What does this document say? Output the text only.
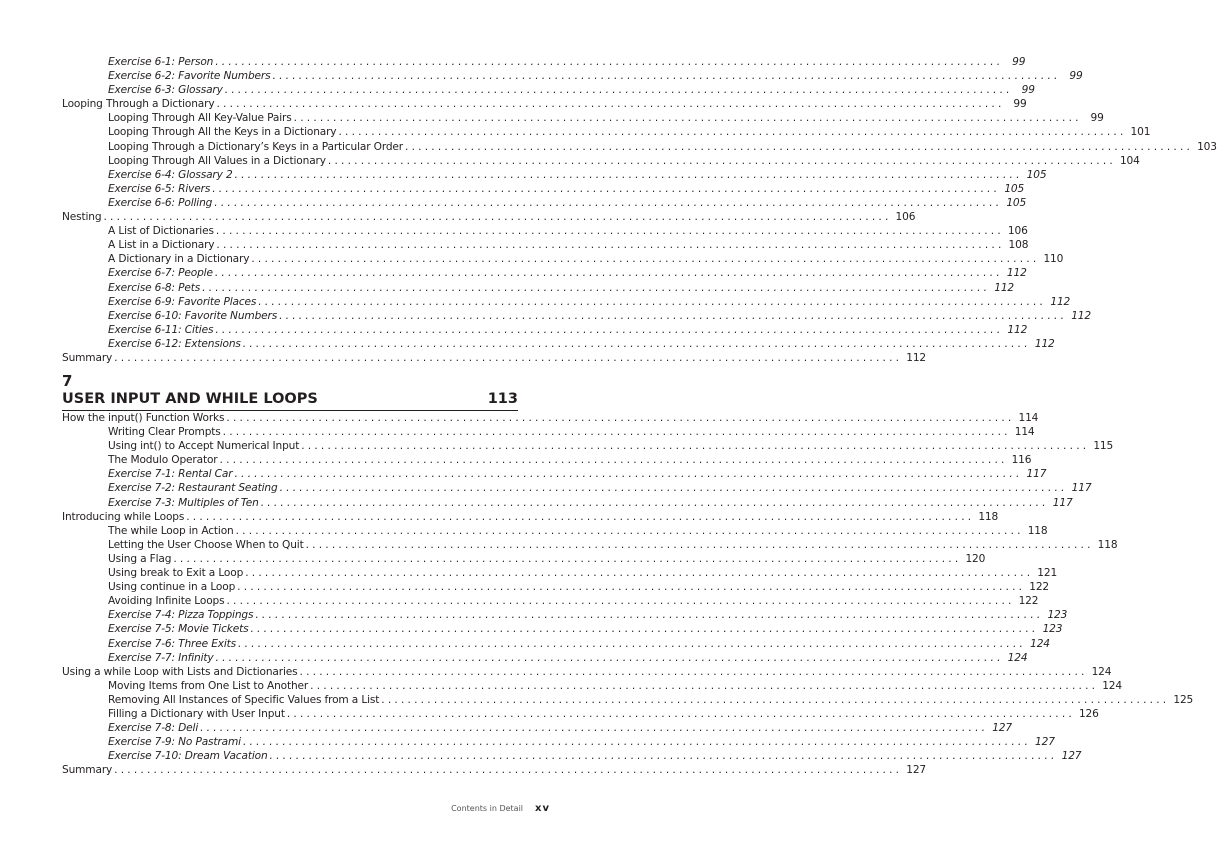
Exercise 6-1: Person ........................................................................................................................ 99
Exercise 6-2: Favorite Numbers ........................................................................................................................ 99
Exercise 6-3: Glossary ........................................................................................................................ 99
Looping Through a Dictionary ........................................................................................................................ 99
Looping Through All Key-Value Pairs ........................................................................................................................ 99
Looping Through All the Keys in a Dictionary ........................................................................................................................ 101
Looping Through a Dictionary’s Keys in a Particular Order ........................................................................................................................ 103
Looping Through All Values in a Dictionary ........................................................................................................................ 104
Exercise 6-4: Glossary 2 ........................................................................................................................ 105
Exercise 6-5: Rivers ........................................................................................................................ 105
Exercise 6-6: Polling ........................................................................................................................ 105
Nesting ........................................................................................................................ 106
A List of Dictionaries ........................................................................................................................ 106
A List in a Dictionary ........................................................................................................................ 108
A Dictionary in a Dictionary ........................................................................................................................ 110
Exercise 6-7: People ........................................................................................................................ 112
Exercise 6-8: Pets ........................................................................................................................ 112
Exercise 6-9: Favorite Places ........................................................................................................................ 112
Exercise 6-10: Favorite Numbers ........................................................................................................................ 112
Exercise 6-11: Cities ........................................................................................................................ 112
Exercise 6-12: Extensions ........................................................................................................................ 112
Summary ........................................................................................................................ 112
7
USER INPUT AND WHILE LOOPS	113
How the input() Function Works ........................................................................................................................ 114
Writing Clear Prompts ........................................................................................................................ 114
Using int() to Accept Numerical Input ........................................................................................................................ 115
The Modulo Operator ........................................................................................................................ 116
Exercise 7-1: Rental Car ........................................................................................................................ 117
Exercise 7-2: Restaurant Seating ........................................................................................................................ 117
Exercise 7-3: Multiples of Ten ........................................................................................................................ 117
Introducing while Loops ........................................................................................................................ 118
The while Loop in Action ........................................................................................................................ 118
Letting the User Choose When to Quit ........................................................................................................................ 118
Using a Flag ........................................................................................................................ 120
Using break to Exit a Loop ........................................................................................................................ 121
Using continue in a Loop ........................................................................................................................ 122
Avoiding Infinite Loops ........................................................................................................................ 122
Exercise 7-4: Pizza Toppings ........................................................................................................................ 123
Exercise 7-5: Movie Tickets ........................................................................................................................ 123
Exercise 7-6: Three Exits ........................................................................................................................ 124
Exercise 7-7: Infinity ........................................................................................................................ 124
Using a while Loop with Lists and Dictionaries ........................................................................................................................ 124
Moving Items from One List to Another ........................................................................................................................ 124
Removing All Instances of Specific Values from a List ........................................................................................................................ 125
Filling a Dictionary with User Input ........................................................................................................................ 126
Exercise 7-8: Deli ........................................................................................................................ 127
Exercise 7-9: No Pastrami ........................................................................................................................ 127
Exercise 7-10: Dream Vacation ........................................................................................................................ 127
Summary ........................................................................................................................ 127
Contents in Detail xv
